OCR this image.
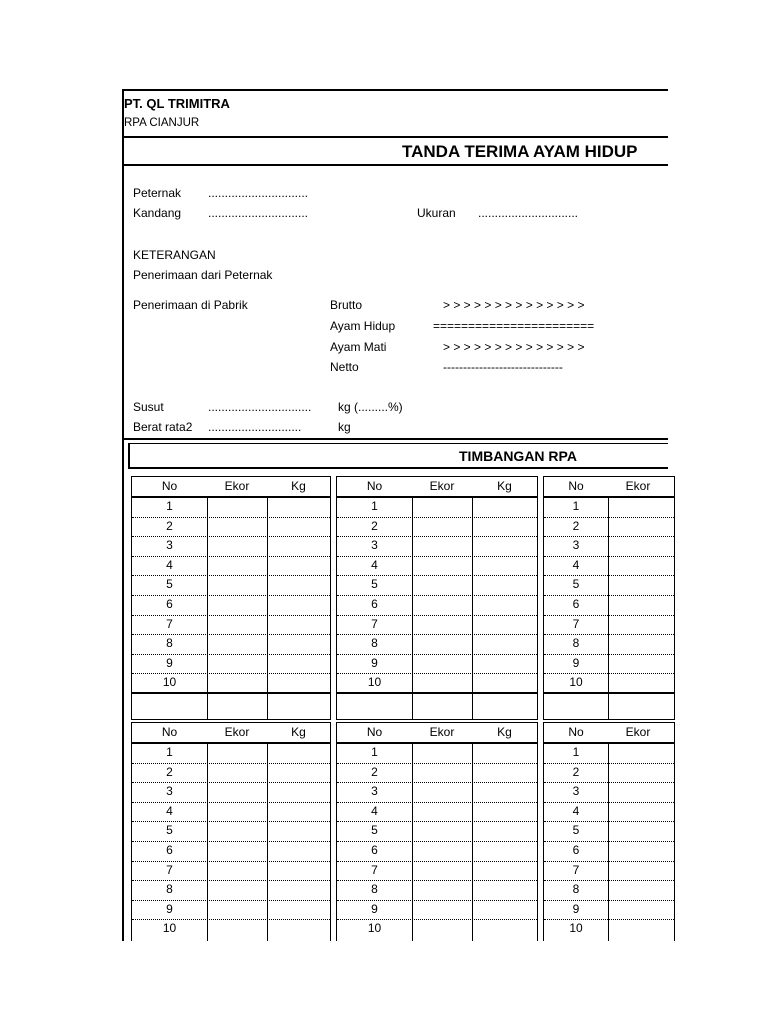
PT. QL TRIMITRA
RPA CIANJUR
TANDA TERIMA AYAM HIDUP
Peternak ..............................
Kandang ..............................	Ukuran ..............................
KETERANGAN
Penerimaan dari Peternak
Penerimaan di Pabrik	Brutto	> > > > > > > > > > > > > >
Ayam Hidup	=======================
Ayam Mati	> > > > > > > > > > > > > >
Netto	------------------------------
Susut	............................... kg (.........%)
Berat rata2 ............................	kg
TIMBANGAN RPA
No	Ekor	Kg
1
2
3
4
5
6
7
8
9
10
No	Ekor	Kg
1
2
3
4
5
6
7
8
9
10
No	Ekor
1
2
3
4
5
6
7
8
9
10
No	Ekor	Kg
1
2
3
4
5
6
7
8
9
10
No	Ekor	Kg
1
2
3
4
5
6
7
8
9
10
No	Ekor
1
2
3
4
5
6
7
8
9
10
